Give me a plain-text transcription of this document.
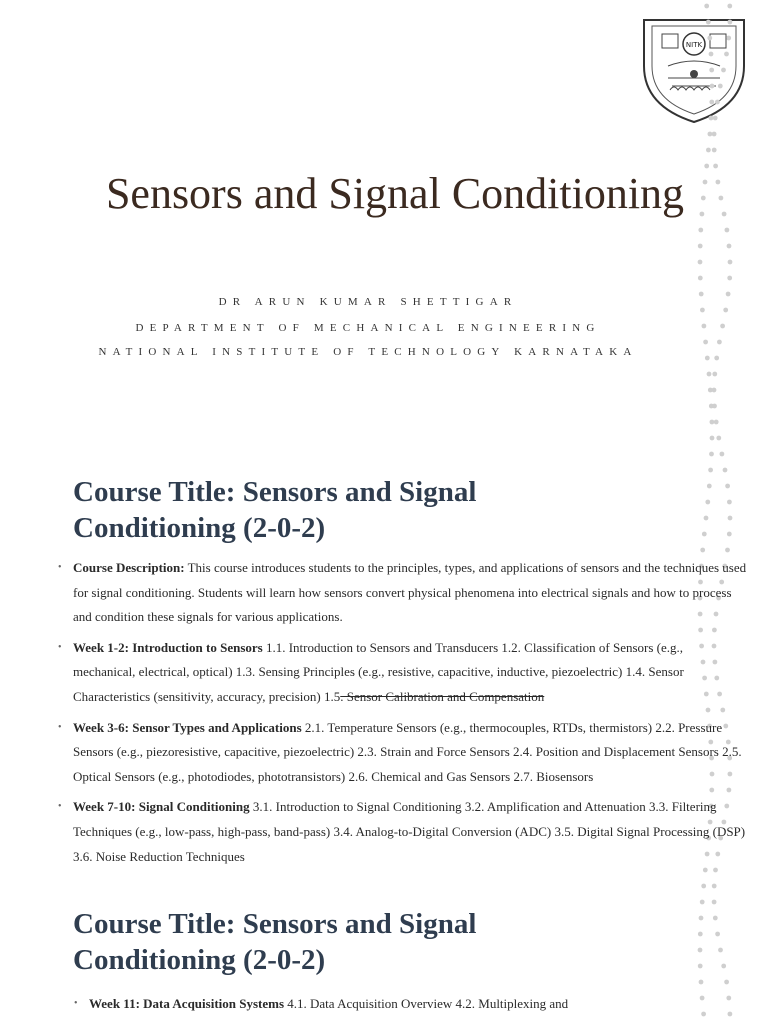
NITK
Sensors and Signal Conditioning
DR ARUN KUMAR SHETTIGAR
DEPARTMENT OF MECHANICAL ENGINEERING
NATIONAL INSTITUTE OF TECHNOLOGY KARNATAKA
Course Title: Sensors and Signal Conditioning (2-0-2)
• Course Description: This course introduces students to the principles, types, and applications of sensors and the techniques used for signal conditioning. Students will learn how sensors convert physical phenomena into electrical signals and how to process and condition these signals for various applications.
• Week 1-2: Introduction to Sensors 1.1. Introduction to Sensors and Transducers 1.2. Classification of Sensors (e.g., mechanical, electrical, optical) 1.3. Sensing Principles (e.g., resistive, capacitive, inductive, piezoelectric) 1.4. Sensor Characteristics (sensitivity, accuracy, precision) 1.5. Sensor Calibration and Compensation
• Week 3-6: Sensor Types and Applications 2.1. Temperature Sensors (e.g., thermocouples, RTDs, thermistors) 2.2. Pressure Sensors (e.g., piezoresistive, capacitive, piezoelectric) 2.3. Strain and Force Sensors 2.4. Position and Displacement Sensors 2.5. Optical Sensors (e.g., photodiodes, phototransistors) 2.6. Chemical and Gas Sensors 2.7. Biosensors
• Week 7-10: Signal Conditioning 3.1. Introduction to Signal Conditioning 3.2. Amplification and Attenuation 3.3. Filtering Techniques (e.g., low-pass, high-pass, band-pass) 3.4. Analog-to-Digital Conversion (ADC) 3.5. Digital Signal Processing (DSP) 3.6. Noise Reduction Techniques
Course Title: Sensors and Signal Conditioning (2-0-2)
• Week 11: Data Acquisition Systems 4.1. Data Acquisition Overview 4.2. Multiplexing and
